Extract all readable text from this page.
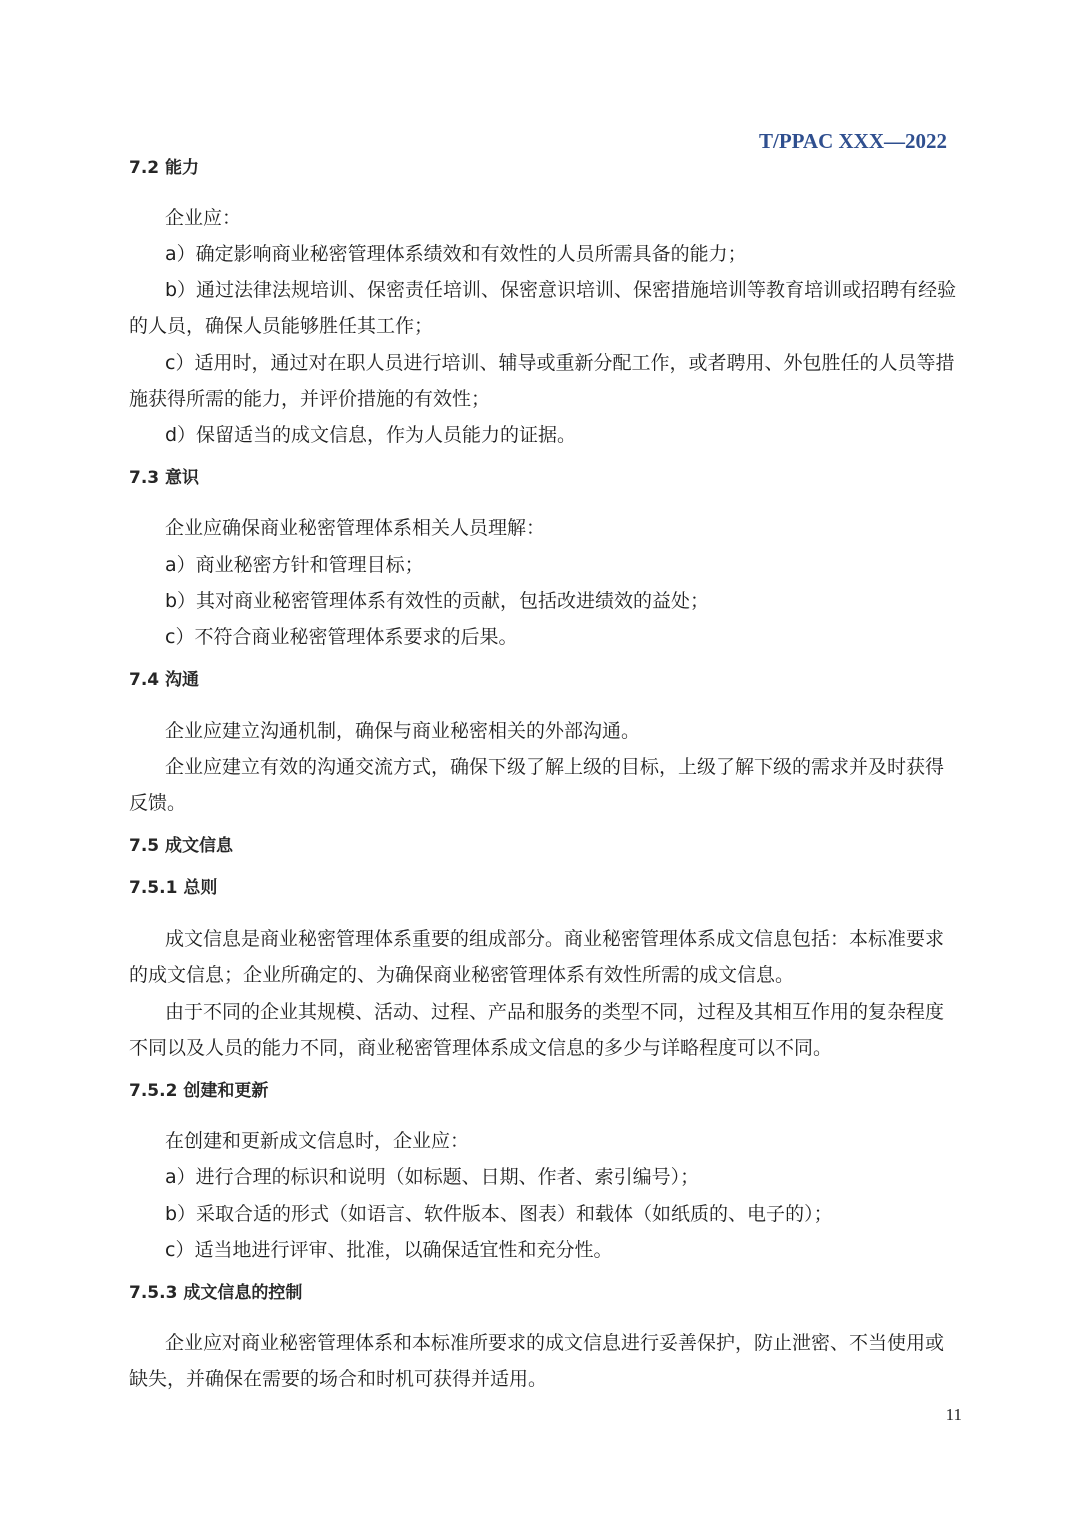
T/PPAC XXX—2022
7.2 能力
企业应：
a）确定影响商业秘密管理体系绩效和有效性的人员所需具备的能力；
b）通过法律法规培训、保密责任培训、保密意识培训、保密措施培训等教育培训或招聘有经验
的人员，确保人员能够胜任其工作；
c）适用时，通过对在职人员进行培训、辅导或重新分配工作，或者聘用、外包胜任的人员等措
施获得所需的能力，并评价措施的有效性；
d）保留适当的成文信息，作为人员能力的证据。
7.3 意识
企业应确保商业秘密管理体系相关人员理解：
a）商业秘密方针和管理目标；
b）其对商业秘密管理体系有效性的贡献，包括改进绩效的益处；
c）不符合商业秘密管理体系要求的后果。
7.4 沟通
企业应建立沟通机制，确保与商业秘密相关的外部沟通。
企业应建立有效的沟通交流方式，确保下级了解上级的目标，上级了解下级的需求并及时获得
反馈。
7.5 成文信息
7.5.1 总则
成文信息是商业秘密管理体系重要的组成部分。商业秘密管理体系成文信息包括：本标准要求
的成文信息；企业所确定的、为确保商业秘密管理体系有效性所需的成文信息。
由于不同的企业其规模、活动、过程、产品和服务的类型不同，过程及其相互作用的复杂程度
不同以及人员的能力不同，商业秘密管理体系成文信息的多少与详略程度可以不同。
7.5.2 创建和更新
在创建和更新成文信息时，企业应：
a）进行合理的标识和说明（如标题、日期、作者、索引编号）；
b）采取合适的形式（如语言、软件版本、图表）和载体（如纸质的、电子的）；
c）适当地进行评审、批准，以确保适宜性和充分性。
7.5.3 成文信息的控制
企业应对商业秘密管理体系和本标准所要求的成文信息进行妥善保护，防止泄密、不当使用或
缺失，并确保在需要的场合和时机可获得并适用。
11
